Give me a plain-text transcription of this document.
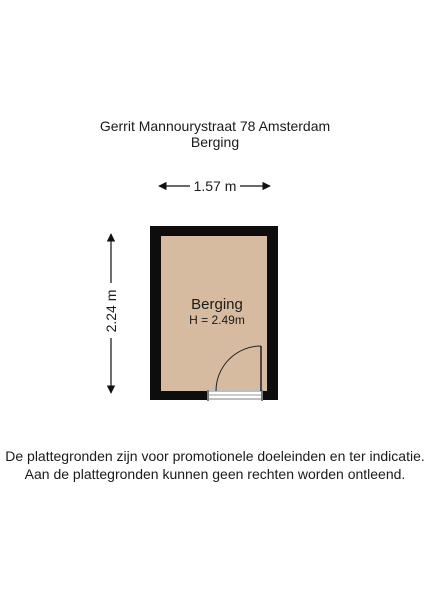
Gerrit Mannourystraat 78 Amsterdam
Berging
1.57 m
2.24 m	Berging
H = 2.49m
De plattegronden zijn voor promotionele doeleinden en ter indicatie.
Aan de plattegronden kunnen geen rechten worden ontleend.
